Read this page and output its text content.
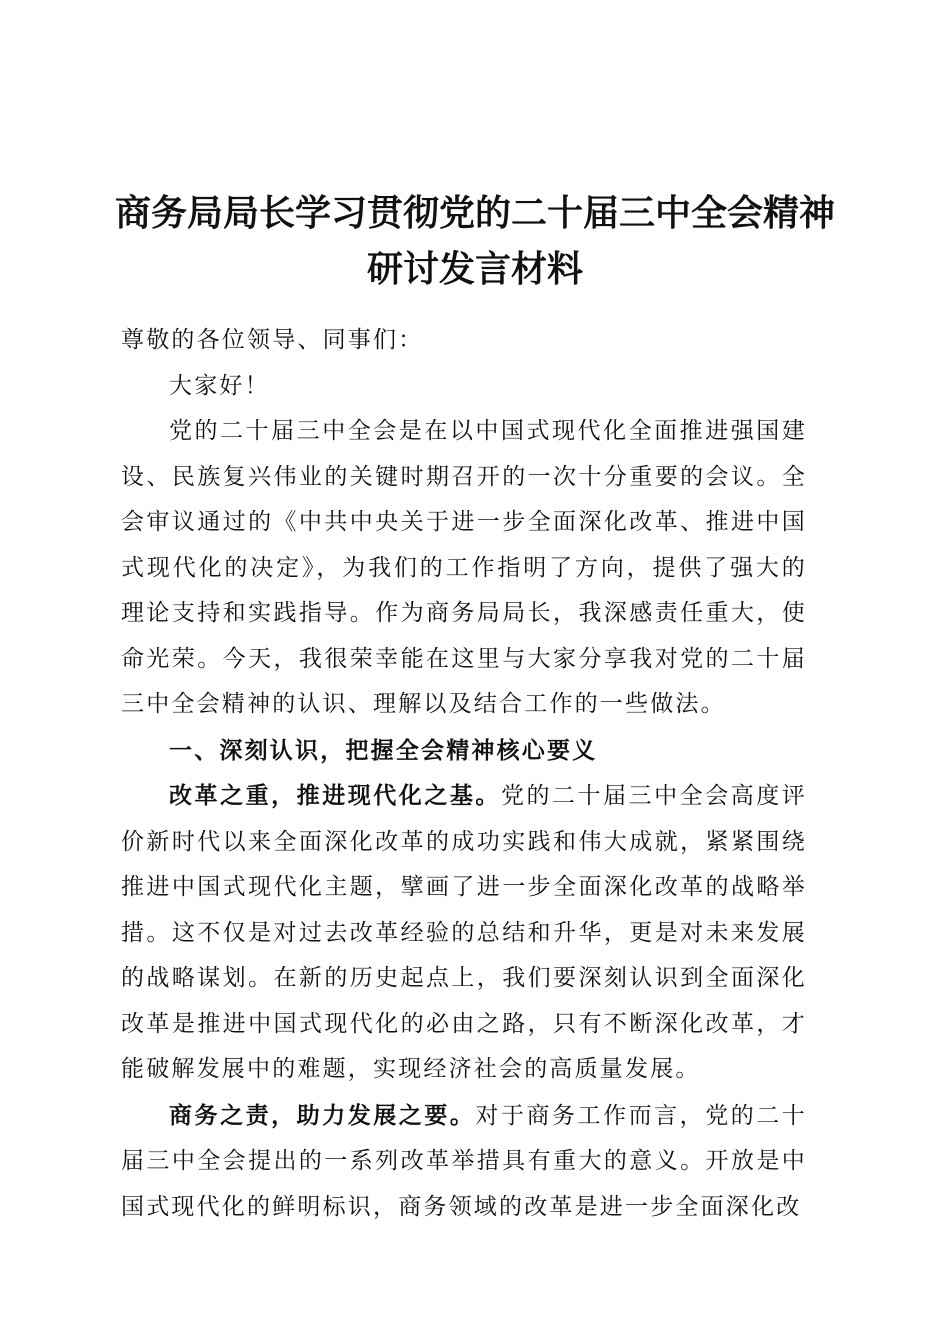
商务局局长学习贯彻党的二十届三中全会精神
研讨发言材料

尊敬的各位领导、同事们：

大家好！

党的二十届三中全会是在以中国式现代化全面推进强国建设、民族复兴伟业的关键时期召开的一次十分重要的会议。全会审议通过的《中共中央关于进一步全面深化改革、推进中国式现代化的决定》，为我们的工作指明了方向，提供了强大的理论支持和实践指导。作为商务局局长，我深感责任重大，使命光荣。今天，我很荣幸能在这里与大家分享我对党的二十届三中全会精神的认识、理解以及结合工作的一些做法。

一、深刻认识，把握全会精神核心要义

改革之重，推进现代化之基。党的二十届三中全会高度评价新时代以来全面深化改革的成功实践和伟大成就，紧紧围绕推进中国式现代化主题，擘画了进一步全面深化改革的战略举措。这不仅是对过去改革经验的总结和升华，更是对未来发展的战略谋划。在新的历史起点上，我们要深刻认识到全面深化改革是推进中国式现代化的必由之路，只有不断深化改革，才能破解发展中的难题，实现经济社会的高质量发展。

商务之责，助力发展之要。对于商务工作而言，党的二十届三中全会提出的一系列改革举措具有重大的意义。开放是中国式现代化的鲜明标识，商务领域的改革是进一步全面深化改
